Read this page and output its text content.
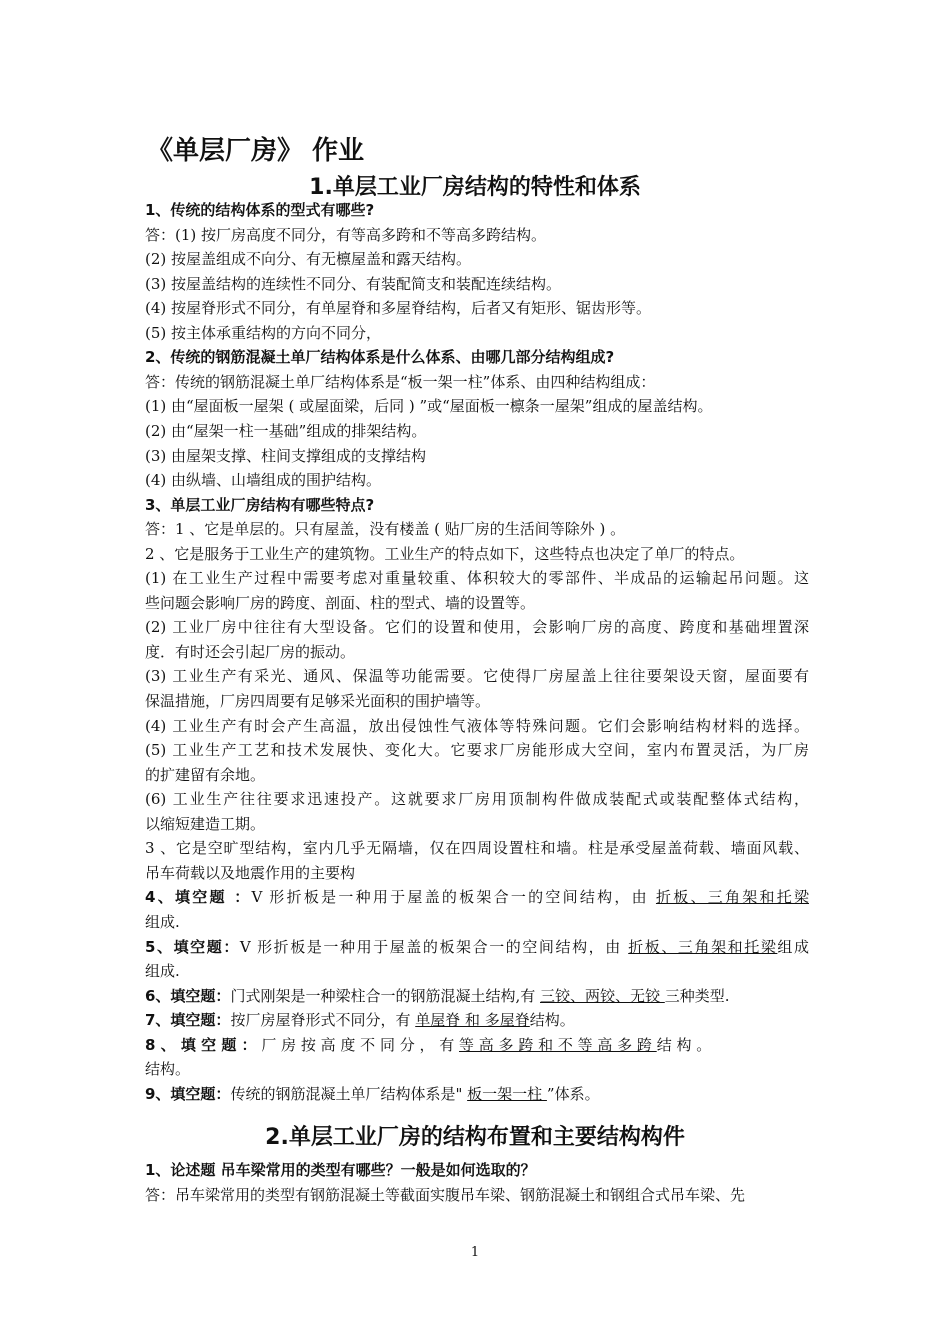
《单层厂房》 作业
1.单层工业厂房结构的特性和体系
1、传统的结构体系的型式有哪些?
答：(1) 按厂房高度不同分，有等高多跨和不等高多跨结构。
(2) 按屋盖组成不向分、有无檩屋盖和露天结构。
(3) 按屋盖结构的连续性不同分、有装配简支和装配连续结构。
(4) 按屋脊形式不同分，有单屋脊和多屋脊结构，后者又有矩形、锯齿形等。
(5) 按主体承重结构的方向不同分，
2、传统的钢筋混凝土单厂结构体系是什么体系、由哪几部分结构组成?
答：传统的钢筋混凝土单厂结构体系是“板一架一柱”体系、由四种结构组成：
(1) 由“屋面板一屋架 ( 或屋面梁，后同 ) ”或“屋面板一檩条一屋架”组成的屋盖结构。
(2) 由“屋架一柱一基础”组成的排架结构。
(3) 由屋架支撑、柱间支撑组成的支撑结构
(4) 由纵墙、山墙组成的围护结构。
3、单层工业厂房结构有哪些特点?
答：1 、它是单层的。只有屋盖，没有楼盖 ( 贴厂房的生活间等除外 ) 。
2 、它是服务于工业生产的建筑物。工业生产的特点如下，这些特点也决定了单厂的特点。
(1) 在工业生产过程中需要考虑对重量较重、体积较大的零部件、半成品的运输起吊问题。这
些问题会影响厂房的跨度、剖面、柱的型式、墙的设置等。
(2) 工业厂房中往往有大型设备。它们的设置和使用，会影响厂房的高度、跨度和基础埋置深
度．有时还会引起厂房的振动。
(3) 工业生产有采光、通风、保温等功能需要。它使得厂房屋盖上往往要架设天窗，屋面要有
保温措施，厂房四周要有足够采光面积的围护墙等。
(4) 工业生产有时会产生高温，放出侵蚀性气液体等特殊问题。它们会影响结构材料的选择。
(5) 工业生产工艺和技术发展快、变化大。它要求厂房能形成大空间，室内布置灵活，为厂房
的扩建留有余地。
(6) 工业生产往往要求迅速投产。这就要求厂房用顶制构件做成装配式或装配整体式结构，
以缩短建造工期。
3 、它是空旷型结构，室内几乎无隔墙，仅在四周设置柱和墙。柱是承受屋盖荷载、墙面风载、
吊车荷载以及地震作用的主要构
4、填空题 ：V 形折板是一种用于屋盖的板架合一的空间结构，由 折板、三角架和托梁
组成.
5、填空题：V 形折板是一种用于屋盖的板架合一的空间结构，由 折板、三角架和托梁组成
组成.
6、填空题：门式刚架是一种梁柱合一的钢筋混凝土结构,有 三铰、两铰、无铰 三种类型.
7、填空题：按厂房屋脊形式不同分，有 单屋脊 和 多屋脊结构。
8 、 填 空 题 ： 厂 房 按 高 度 不 同 分 ， 有 等 高 多 跨 和 不 等 高 多 跨 结 构 。
结构。
9、填空题：传统的钢筋混凝土单厂结构体系是" 板一架一柱 ”体系。
2.单层工业厂房的结构布置和主要结构构件
1、论述题 吊车梁常用的类型有哪些？一般是如何选取的？
答：吊车梁常用的类型有钢筋混凝土等截面实腹吊车梁、钢筋混凝土和钢组合式吊车梁、先
1
